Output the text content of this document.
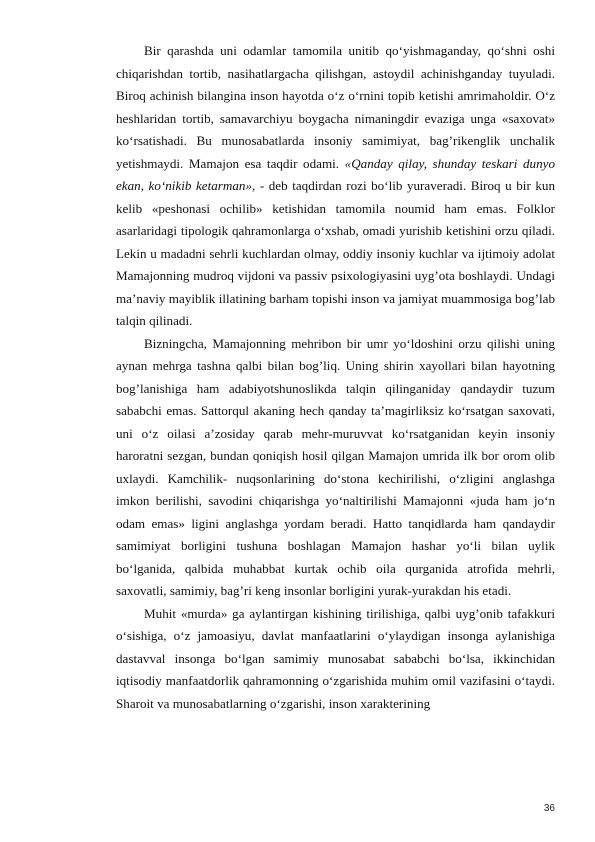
Bir qarashda uni odamlar tamomila unitib qo‘yishmaganday, qo‘shni oshi chiqarishdan tortib, nasihatlargacha qilishgan, astoydil achinishganday tuyuladi. Biroq achinish bilangina inson hayotda o‘z o‘rnini topib ketishi amrimaholdir. O‘z heshlaridan tortib, samavarchiyu boygacha nimaningdir evaziga unga «saxovat» ko‘rsatishadi. Bu munosabatlarda insoniy samimiyat, bag’rikenglik unchalik yetishmaydi. Mamajon esa taqdir odami. «Qanday qilay, shunday teskari dunyo ekan, ko‘nikib ketarman», - deb taqdirdan rozi bo‘lib yuraveradi. Biroq u bir kun kelib «peshonasi ochilib» ketishidan tamomila noumid ham emas. Folklor asarlaridagi tipologik qahramonlarga o‘xshab, omadi yurishib ketishini orzu qiladi. Lekin u madadni sehrli kuchlardan olmay, oddiy insoniy kuchlar va ijtimoiy adolat Mamajonning mudroq vijdoni va passiv psixologiyasini uyg’ota boshlaydi. Undagi ma’naviy mayiblik illatining barham topishi inson va jamiyat muammosiga bog’lab talqin qilinadi.

Bizningcha, Mamajonning mehribon bir umr yo‘ldoshini orzu qilishi uning aynan mehrga tashna qalbi bilan bog’liq. Uning shirin xayollari bilan hayotning bog’lanishiga ham adabiyotshunoslikda talqin qilinganiday qandaydir tuzum sababchi emas. Sattorqul akaning hech qanday ta’magirliksiz ko‘rsatgan saxovati, uni o‘z oilasi a’zosiday qarab mehr-muruvvat ko‘rsatganidan keyin insoniy haroratni sezgan, bundan qoniqish hosil qilgan Mamajon umrida ilk bor orom olib uxlaydi. Kamchilik- nuqsonlarining do‘stona kechirilishi, o‘zligini anglashga imkon berilishi, savodini chiqarishga yo‘naltirilishi Mamajonni «juda ham jo‘n odam emas» ligini anglashga yordam beradi. Hatto tanqidlarda ham qandaydir samimiyat borligini tushuna boshlagan Mamajon hashar yo‘li bilan uylik bo‘lganida, qalbida muhabbat kurtak ochib oila qurganida atrofida mehrli, saxovatli, samimiy, bag’ri keng insonlar borligini yurak-yurakdan his etadi.

Muhit «murda» ga aylantirgan kishining tirilishiga, qalbi uyg’onib tafakkuri o‘sishiga, o‘z jamoasiyu, davlat manfaatlarini o‘ylaydigan insonga aylanishiga dastavval insonga bo‘lgan samimiy munosabat sababchi bo‘lsa, ikkinchidan iqtisodiy manfaatdorlik qahramonning o‘zgarishida muhim omil vazifasini o‘taydi. Sharoit va munosabatlarning o‘zgarishi, inson xarakterining

36
